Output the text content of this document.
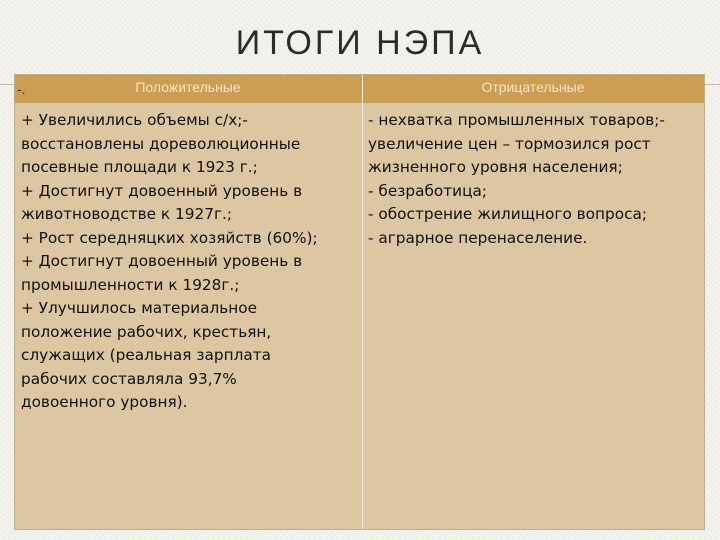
ИТОГИ НЭПА
-.	Положительные	Отрицательные
+ Увеличились объемы с/х;-
восстановлены дореволюционные
посевные площади к 1923 г.;
+ Достигнут довоенный уровень в
животноводстве к 1927г.;
+ Рост середняцких хозяйств (60%);
+ Достигнут довоенный уровень в
промышленности к 1928г.;
+ Улучшилось материальное
положение рабочих, крестьян,
служащих (реальная зарплата
рабочих составляла 93,7%
довоенного уровня).
- нехватка промышленных товаров;-
увеличение цен – тормозился рост
жизненного уровня населения;
- безработица;
- обострение жилищного вопроса;
- аграрное перенаселение.
